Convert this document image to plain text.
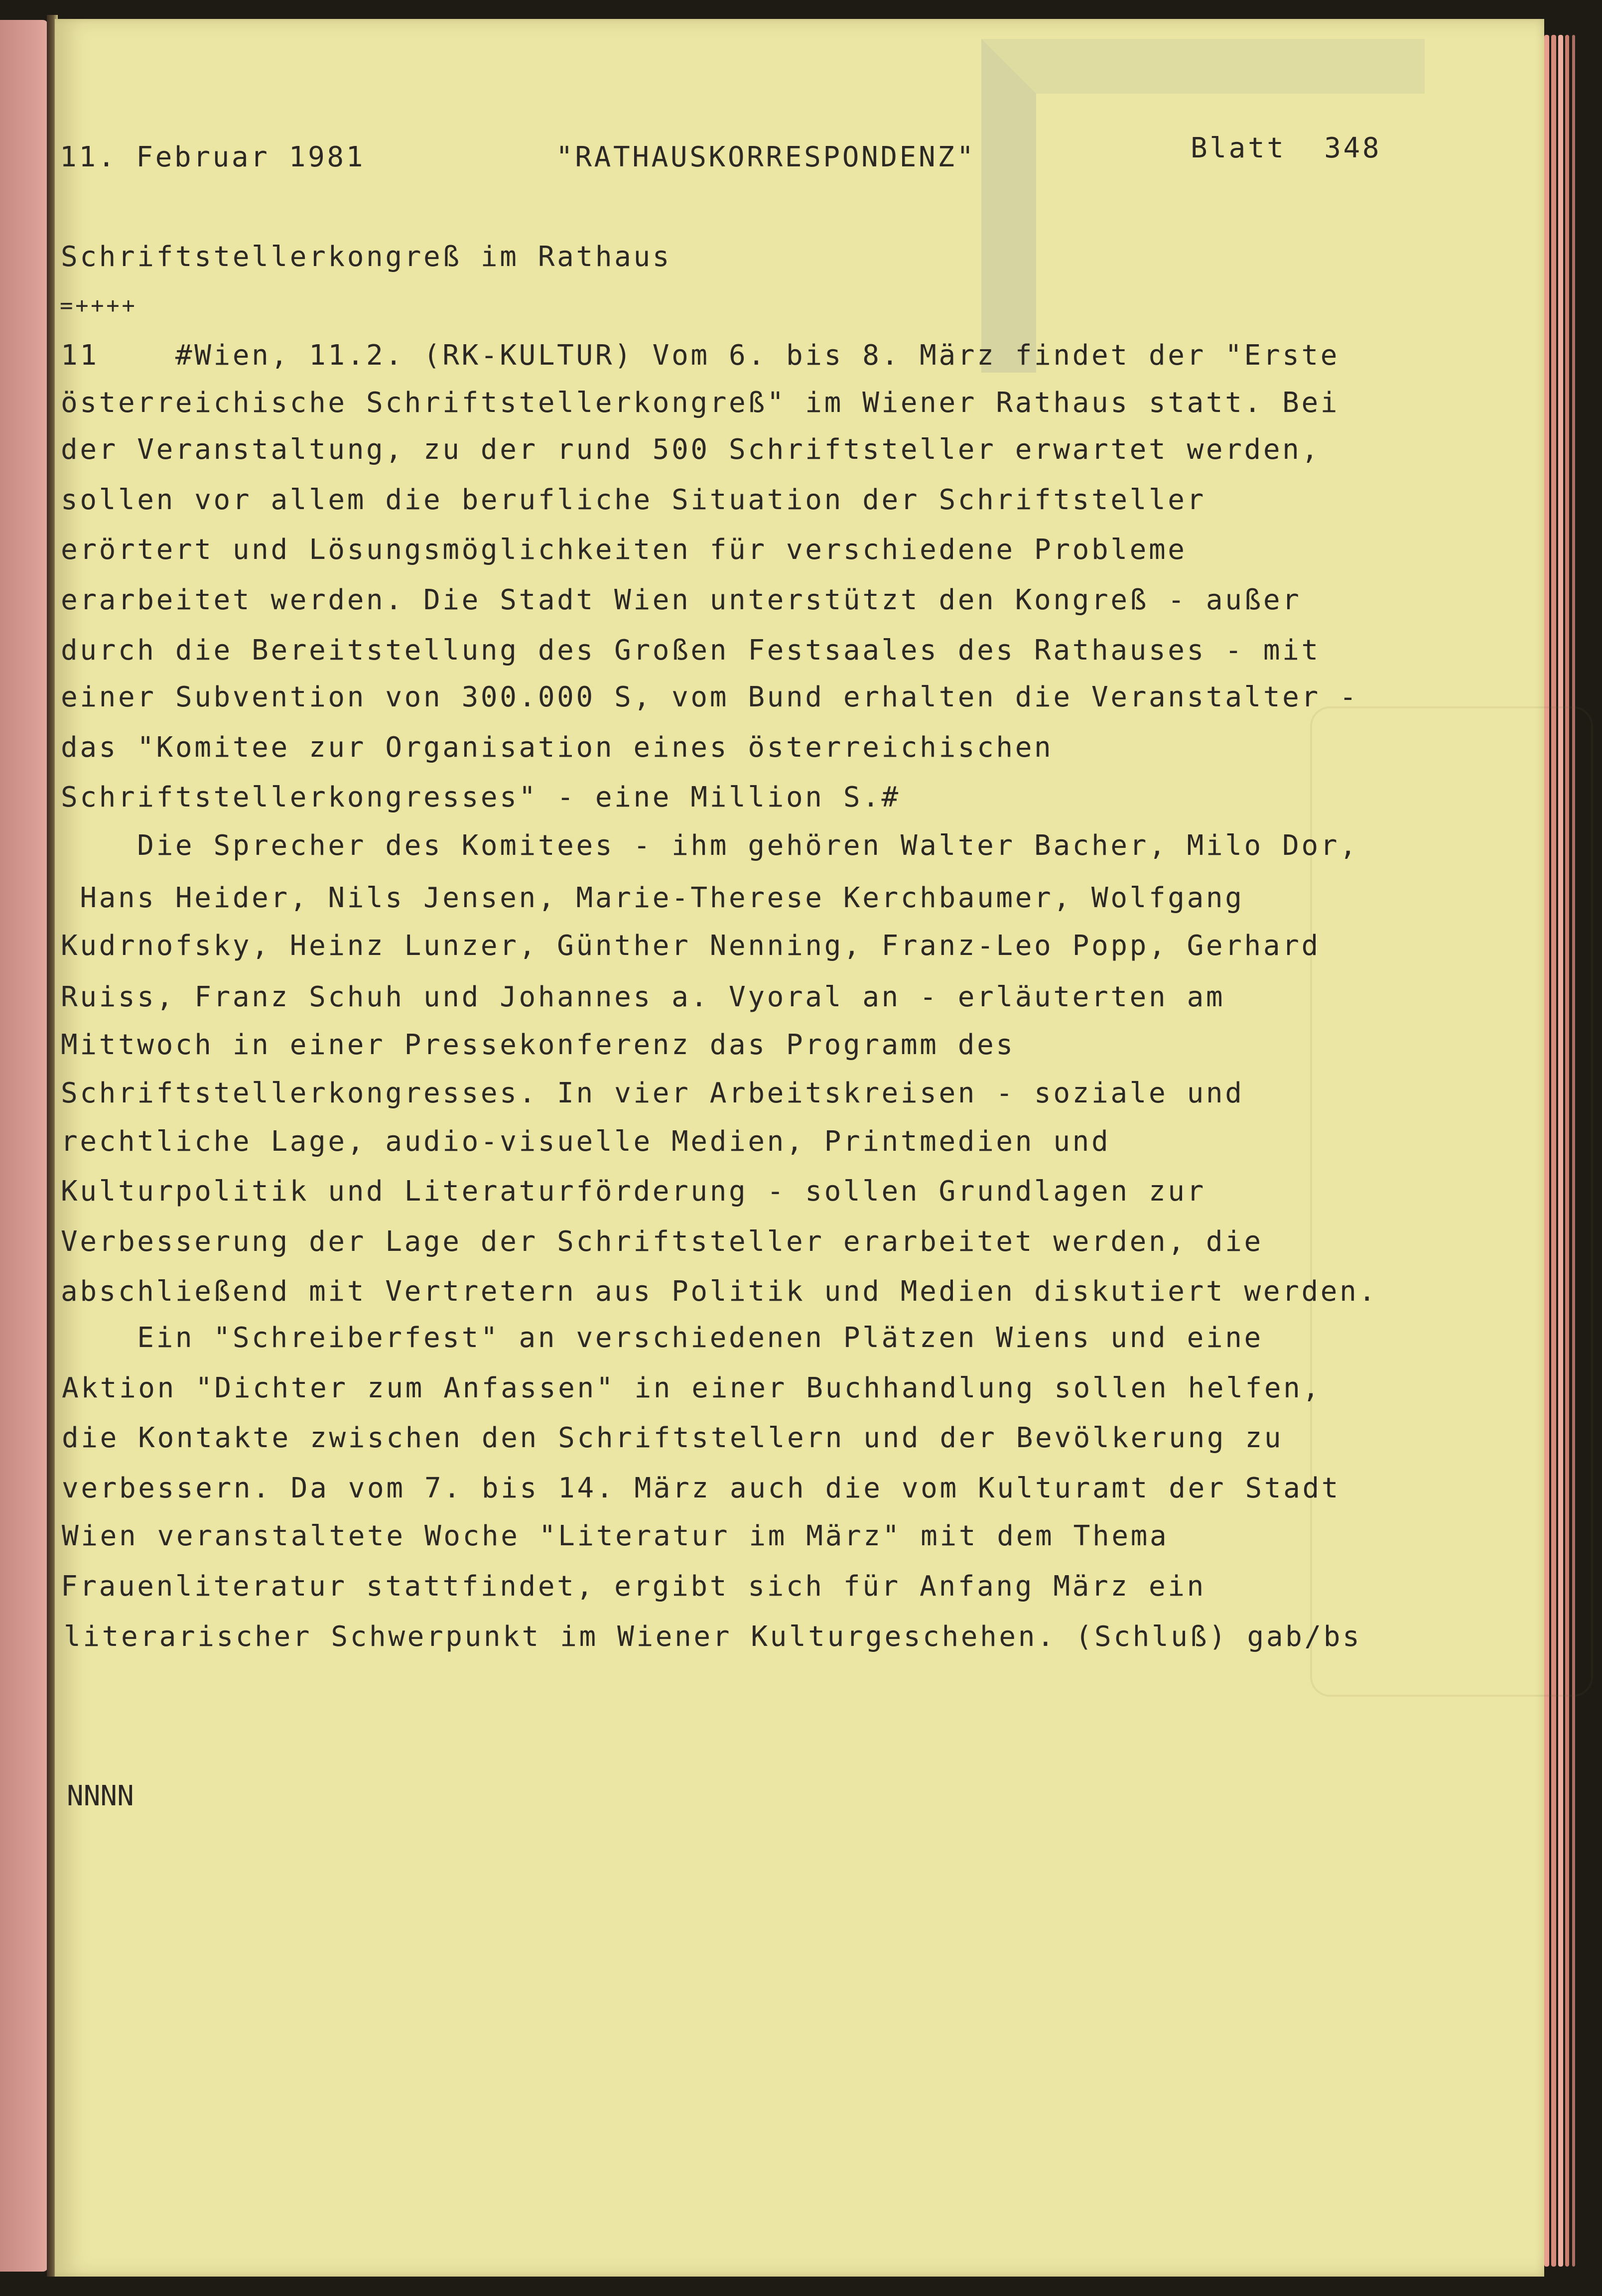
11. Februar 1981	"RATHAUSKORRESPONDENZ"	Blatt  348
Schriftstellerkongreß im Rathaus
=++++
11    #Wien, 11.2. (RK-KULTUR) Vom 6. bis 8. März findet der "Erste
österreichische Schriftstellerkongreß" im Wiener Rathaus statt. Bei
der Veranstaltung, zu der rund 500 Schriftsteller erwartet werden,
sollen vor allem die berufliche Situation der Schriftsteller
erörtert und Lösungsmöglichkeiten für verschiedene Probleme
erarbeitet werden. Die Stadt Wien unterstützt den Kongreß - außer
durch die Bereitstellung des Großen Festsaales des Rathauses - mit
einer Subvention von 300.000 S, vom Bund erhalten die Veranstalter -
das "Komitee zur Organisation eines österreichischen
Schriftstellerkongresses" - eine Million S.#
Die Sprecher des Komitees - ihm gehören Walter Bacher, Milo Dor,
Hans Heider, Nils Jensen, Marie-Therese Kerchbaumer, Wolfgang
Kudrnofsky, Heinz Lunzer, Günther Nenning, Franz-Leo Popp, Gerhard
Ruiss, Franz Schuh und Johannes a. Vyoral an - erläuterten am
Mittwoch in einer Pressekonferenz das Programm des
Schriftstellerkongresses. In vier Arbeitskreisen - soziale und
rechtliche Lage, audio-visuelle Medien, Printmedien und
Kulturpolitik und Literaturförderung - sollen Grundlagen zur
Verbesserung der Lage der Schriftsteller erarbeitet werden, die
abschließend mit Vertretern aus Politik und Medien diskutiert werden.
Ein "Schreiberfest" an verschiedenen Plätzen Wiens und eine
Aktion "Dichter zum Anfassen" in einer Buchhandlung sollen helfen,
die Kontakte zwischen den Schriftstellern und der Bevölkerung zu
verbessern. Da vom 7. bis 14. März auch die vom Kulturamt der Stadt
Wien veranstaltete Woche "Literatur im März" mit dem Thema
Frauenliteratur stattfindet, ergibt sich für Anfang März ein
literarischer Schwerpunkt im Wiener Kulturgeschehen. (Schluß) gab/bs
NNNN
